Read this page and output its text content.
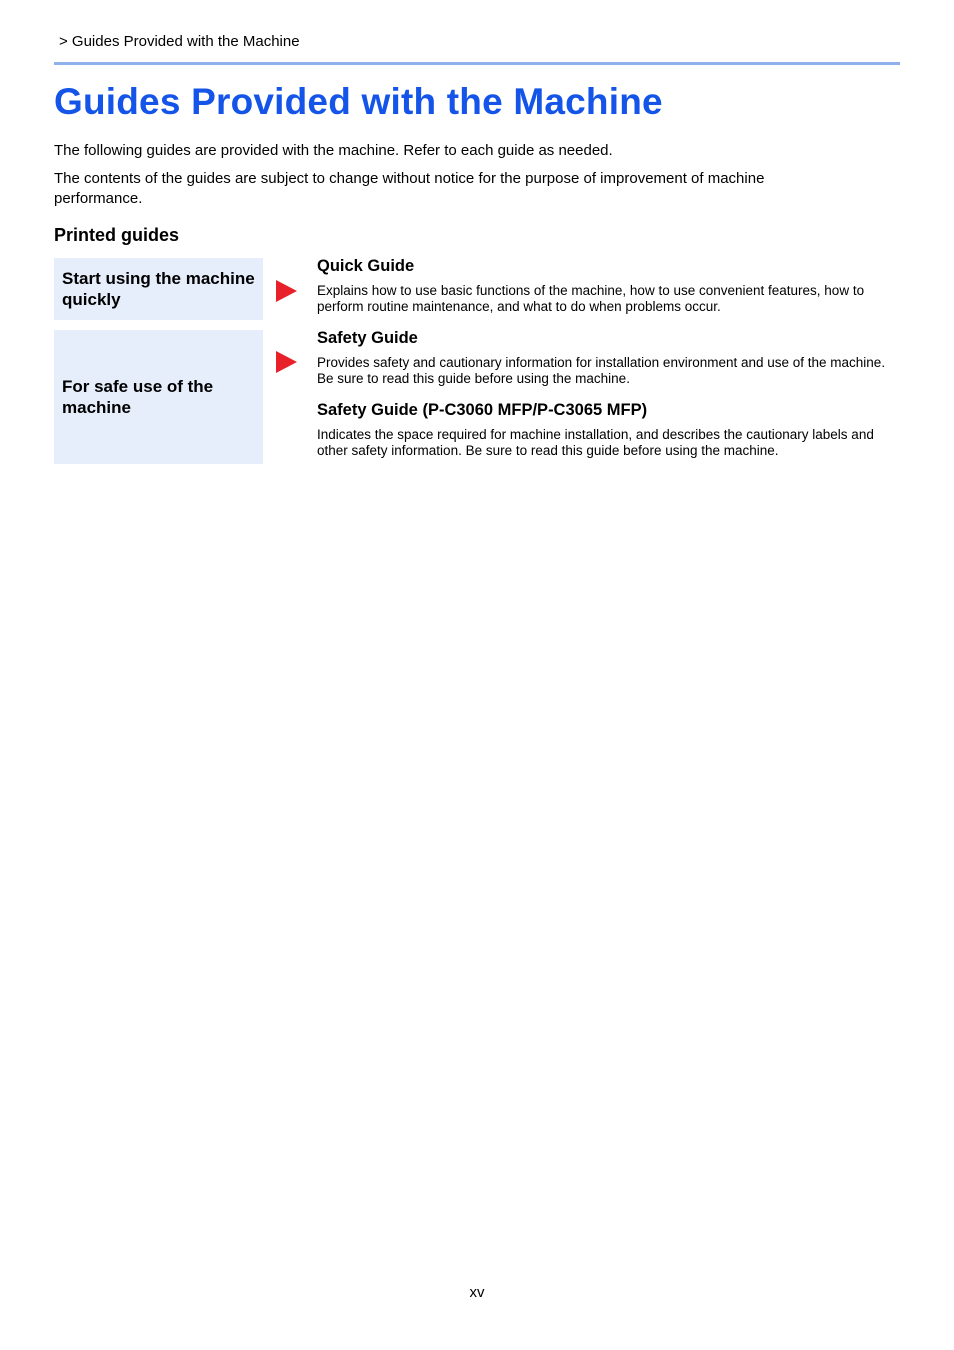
> Guides Provided with the Machine
Guides Provided with the Machine

The following guides are provided with the machine. Refer to each guide as needed.

The contents of the guides are subject to change without notice for the purpose of improvement of machine performance.

Printed guides
Start using the machine quickly

Quick Guide

Explains how to use basic functions of the machine, how to use convenient features, how to perform routine maintenance, and what to do when problems occur.

For safe use of the machine

Safety Guide

Provides safety and cautionary information for installation environment and use of the machine. Be sure to read this guide before using the machine.

Safety Guide (P-C3060 MFP/P-C3065 MFP)

Indicates the space required for machine installation, and describes the cautionary labels and other safety information. Be sure to read this guide before using the machine.

xv
